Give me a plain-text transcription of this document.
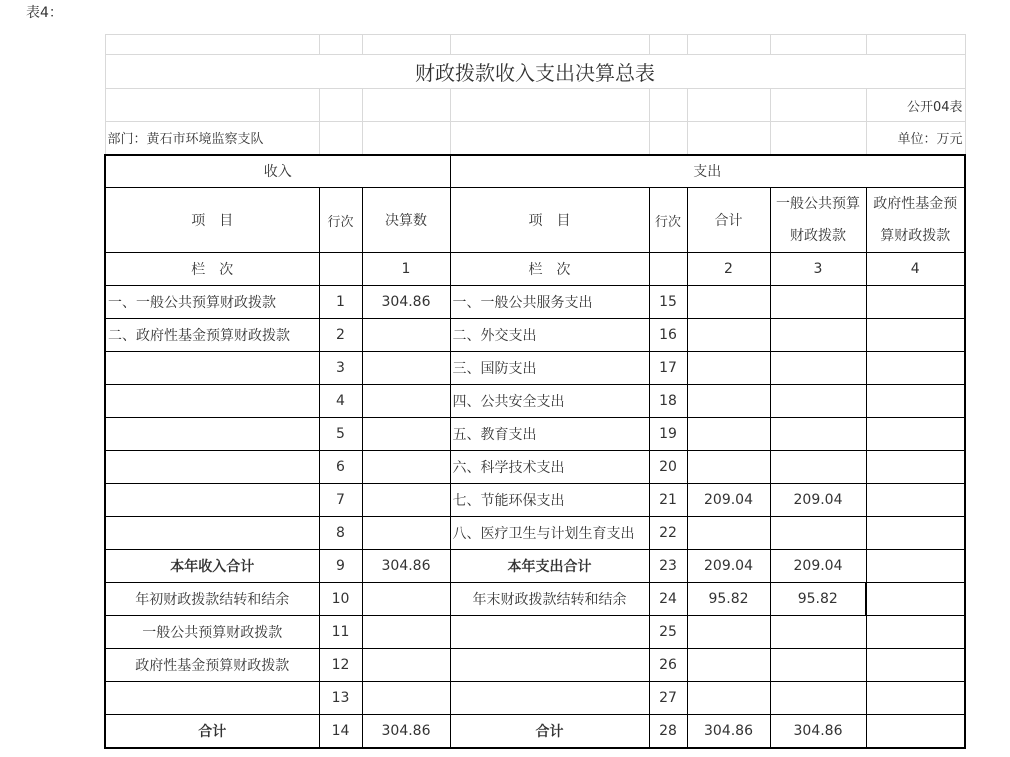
表4：

财政拨款收入支出决算总表							
							公开04表
部门：黄石市环境监察支队							单位：万元
收入			支出				
项　目	行次	决算数	项　目	行次	合计	一般公共预算财政拨款	政府性基金预算财政拨款
栏　次		1	栏　次		2	3	4
一、一般公共预算财政拨款	1	304.86	一、一般公共服务支出	15			
二、政府性基金预算财政拨款	2		二、外交支出	16			
	3		三、国防支出	17			
	4		四、公共安全支出	18			
	5		五、教育支出	19			
	6		六、科学技术支出	20			
	7		七、节能环保支出	21	209.04	209.04	
	8		八、医疗卫生与计划生育支出	22			
本年收入合计	9	304.86	本年支出合计	23	209.04	209.04	
年初财政拨款结转和结余	10		年末财政拨款结转和结余	24	95.82	95.82	
一般公共预算财政拨款	11			25			
政府性基金预算财政拨款	12			26			
	13			27			
合计	14	304.86	合计	28	304.86	304.86	
